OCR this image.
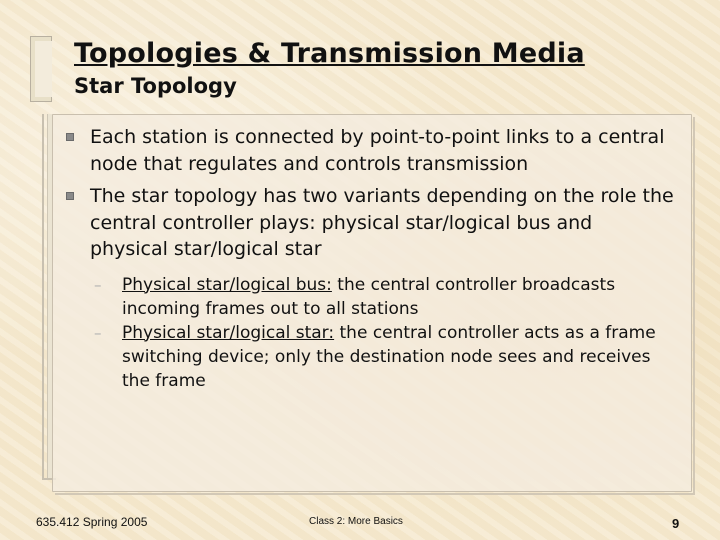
Topologies & Transmission Media
Star Topology
Each station is connected by point-to-point links to a central node that regulates and controls transmission
The star topology has two variants depending on the role the central controller plays: physical star/logical bus and physical star/logical star
– Physical star/logical bus: the central controller broadcasts incoming frames out to all stations
– Physical star/logical star: the central controller acts as a frame switching device; only the destination node sees and receives the frame
635.412 Spring 2005	Class 2: More Basics	9
